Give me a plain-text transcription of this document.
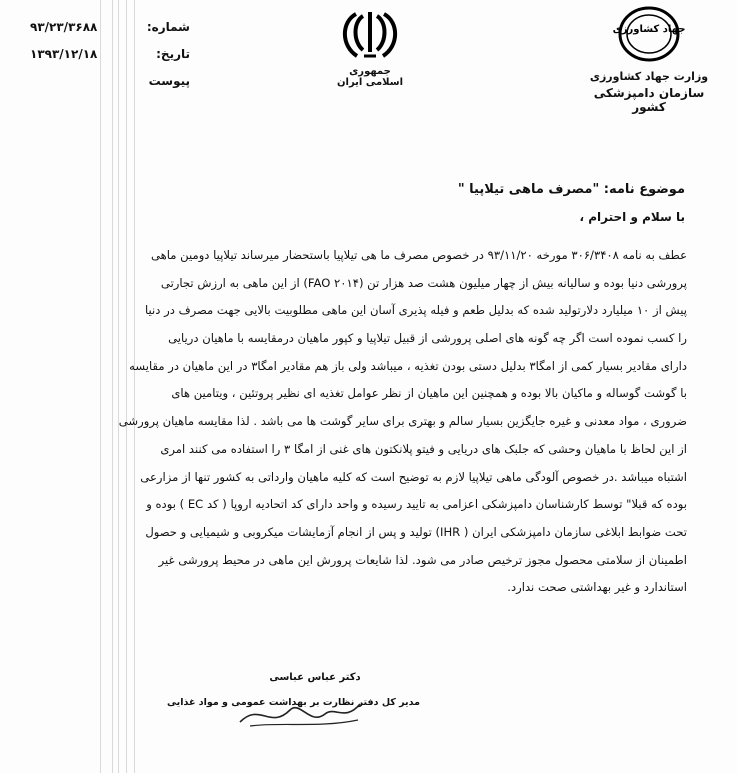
شماره:
۹۳/۲۳/۳۶۸۸
تاریخ:
۱۳۹۳/۱۲/۱۸
پیوست
جمهوری اسلامی ایران
جهاد کشاورزی
وزارت جهاد کشاورزی
سازمان دامپزشکی کشور
موضوع نامه: "مصرف ماهی تیلاپیا "
با سلام و احترام ،
عطف به نامه ۳۰۶/۳۴۰۸ مورخه ۹۳/۱۱/۲۰ در خصوص مصرف ما هی تیلاپیا باستحضار میرساند تیلاپیا دومین ماهی
پرورشی دنیا بوده و سالیانه بیش از چهار میلیون هشت صد هزار تن (FAO ۲۰۱۴) از این ماهی به ارزش تجارتی
پیش از ۱۰ میلیارد دلارتولید شده که بدلیل طعم و فیله پذیری آسان این ماهی مطلوبیت بالایی جهت مصرف در دنیا
را کسب نموده است اگر چه گونه های اصلی پرورشی از قبیل تیلاپیا و کپور ماهیان درمقایسه با ماهیان دریایی
دارای مقادیر بسیار کمی از امگا۳ بدلیل دستی بودن تغذیه ، میباشد ولی باز هم مقادیر امگا۳ در این ماهیان در مقایسه
با گوشت گوساله و ماکیان بالا بوده و همچنین این ماهیان از نظر عوامل تغذیه ای نظیر پروتئین ، ویتامین های
ضروری ، مواد معدنی و غیره جایگزین بسیار سالم و بهتری برای سایر گوشت ها می باشد . لذا مقایسه ماهیان پرورشی
از این لحاظ با ماهیان وحشی که جلبک های دریایی و فیتو پلانکتون های غنی از امگا ۳ را استفاده می کنند امری
اشتباه میباشد .در خصوص آلودگی ماهی تیلاپیا لازم به توضیح است که کلیه ماهیان وارداتی به کشور تنها از مزارعی
بوده که قبلا" توسط کارشناسان دامپزشکی اعزامی به تایید رسیده و واحد دارای کد اتحادیه اروپا ( کد EC ) بوده و
تحت ضوابط ابلاغی سازمان دامپزشکی ایران ( IHR) تولید و پس از انجام آزمایشات میکروبی و شیمیایی و حصول
اطمینان از سلامتی محصول مجوز ترخیص صادر می شود. لذا شایعات پرورش این ماهی در محیط پرورشی غیر
استاندارد و غیر بهداشتی صحت ندارد.
دکتر عباس عباسی
مدیر کل دفتر نظارت بر بهداشت عمومی و مواد غذایی
